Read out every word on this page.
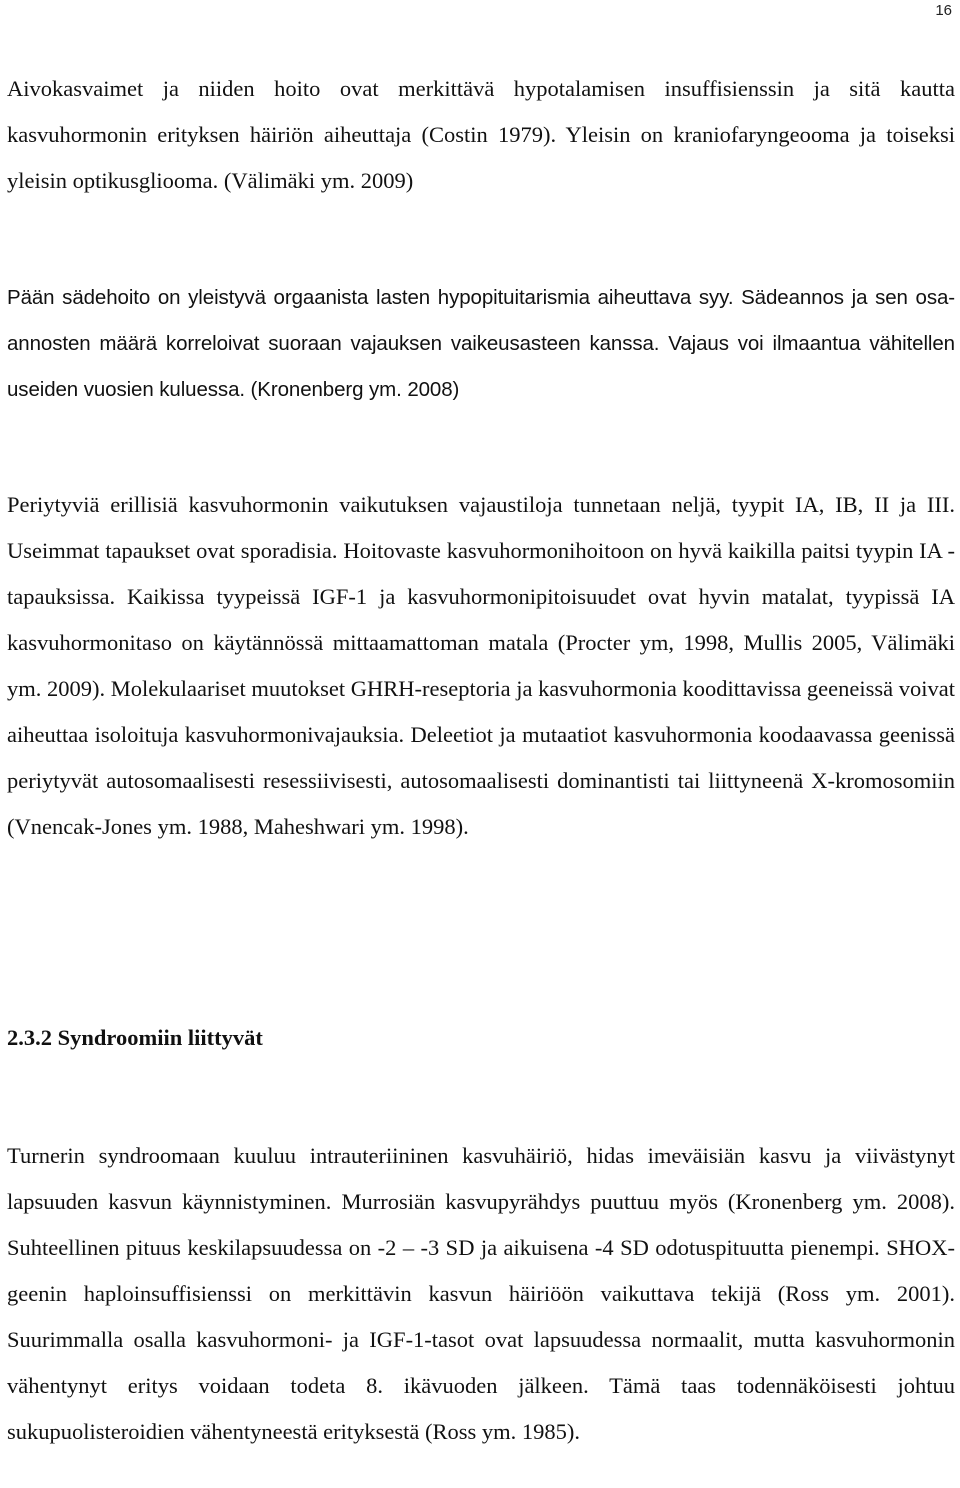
16

Aivokasvaimet ja niiden hoito ovat merkittävä hypotalamisen insuffisienssin ja sitä kautta kasvuhormonin erityksen häiriön aiheuttaja (Costin 1979). Yleisin on kraniofaryngeooma ja toiseksi yleisin optikusgliooma. (Välimäki ym. 2009)

Pään sädehoito on yleistyvä orgaanista lasten hypopituitarismia aiheuttava syy. Sädeannos ja sen osa-annosten määrä korreloivat suoraan vajauksen vaikeusasteen kanssa. Vajaus voi ilmaantua vähitellen useiden vuosien kuluessa. (Kronenberg ym. 2008)

Periytyviä erillisiä kasvuhormonin vaikutuksen vajaustiloja tunnetaan neljä, tyypit IA, IB, II ja III. Useimmat tapaukset ovat sporadisia. Hoitovaste kasvuhormonihoitoon on hyvä kaikilla paitsi tyypin IA -tapauksissa. Kaikissa tyypeissä IGF-1 ja kasvuhormonipitoisuudet ovat hyvin matalat, tyypissä IA kasvuhormonitaso on käytännössä mittaamattoman matala (Procter ym, 1998, Mullis 2005, Välimäki ym. 2009). Molekulaariset muutokset GHRH-reseptoria ja kasvuhormonia koodittavissa geeneissä voivat aiheuttaa isoloituja kasvuhormonivajauksia. Deleetiot ja mutaatiot kasvuhormonia koodaavassa geenissä periytyvät autosomaalisesti resessiivisesti, autosomaalisesti dominantisti tai liittyneenä X-kromosomiin (Vnencak-Jones ym. 1988, Maheshwari ym. 1998).

2.3.2 Syndroomiin liittyvät

Turnerin syndroomaan kuuluu intrauteriininen kasvuhäiriö, hidas imeväisiän kasvu ja viivästynyt lapsuuden kasvun käynnistyminen. Murrosiän kasvupyrähdys puuttuu myös (Kronenberg ym. 2008). Suhteellinen pituus keskilapsuudessa on -2 – -3 SD ja aikuisena -4 SD odotuspituutta pienempi. SHOX-geenin haploinsuffisienssi on merkittävin kasvun häiriöön vaikuttava tekijä (Ross ym. 2001). Suurimmalla osalla kasvuhormoni- ja IGF-1-tasot ovat lapsuudessa normaalit, mutta kasvuhormonin vähentynyt eritys voidaan todeta 8. ikävuoden jälkeen. Tämä taas todennäköisesti johtuu sukupuolisteroidien vähentyneestä erityksestä (Ross ym. 1985).
